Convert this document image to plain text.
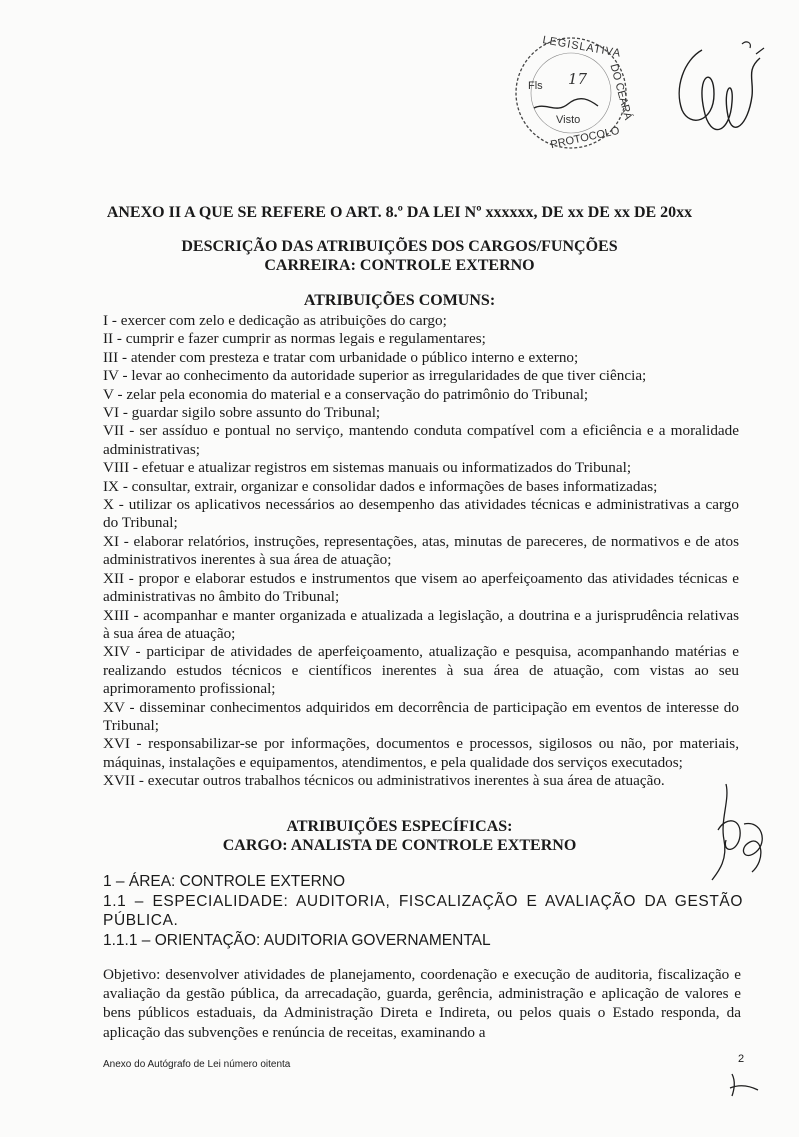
LEGISLATIVA
DO CEARÁ
PROTOCOLO
Fls 17
Visto
ANEXO II A QUE SE REFERE O ART. 8.º DA LEI Nº xxxxxx, DE xx DE xx DE 20xx
DESCRIÇÃO DAS ATRIBUIÇÕES DOS CARGOS/FUNÇÕES
CARREIRA: CONTROLE EXTERNO
ATRIBUIÇÕES COMUNS:

I - exercer com zelo e dedicação as atribuições do cargo;

II - cumprir e fazer cumprir as normas legais e regulamentares;

III - atender com presteza e tratar com urbanidade o público interno e externo;

IV - levar ao conhecimento da autoridade superior as irregularidades de que tiver ciência;

V - zelar pela economia do material e a conservação do patrimônio do Tribunal;

VI - guardar sigilo sobre assunto do Tribunal;

VII - ser assíduo e pontual no serviço, mantendo conduta compatível com a eficiência e a moralidade administrativas;

VIII - efetuar e atualizar registros em sistemas manuais ou informatizados do Tribunal;

IX - consultar, extrair, organizar e consolidar dados e informações de bases informatizadas;

X - utilizar os aplicativos necessários ao desempenho das atividades técnicas e administrativas a cargo do Tribunal;

XI - elaborar relatórios, instruções, representações, atas, minutas de pareceres, de normativos e de atos administrativos inerentes à sua área de atuação;

XII - propor e elaborar estudos e instrumentos que visem ao aperfeiçoamento das atividades técnicas e administrativas no âmbito do Tribunal;

XIII - acompanhar e manter organizada e atualizada a legislação, a doutrina e a jurisprudência relativas à sua área de atuação;

XIV - participar de atividades de aperfeiçoamento, atualização e pesquisa, acompanhando matérias e realizando estudos técnicos e científicos inerentes à sua área de atuação, com vistas ao seu aprimoramento profissional;

XV - disseminar conhecimentos adquiridos em decorrência de participação em eventos de interesse do Tribunal;

XVI - responsabilizar-se por informações, documentos e processos, sigilosos ou não, por materiais, máquinas, instalações e equipamentos, atendimentos, e pela qualidade dos serviços executados;

XVII - executar outros trabalhos técnicos ou administrativos inerentes à sua área de atuação.

ATRIBUIÇÕES ESPECÍFICAS:
CARGO: ANALISTA DE CONTROLE EXTERNO

1 – ÁREA: CONTROLE EXTERNO

1.1 – ESPECIALIDADE: AUDITORIA, FISCALIZAÇÃO E AVALIAÇÃO DA GESTÃO PÚBLICA.

1.1.1 – ORIENTAÇÃO: AUDITORIA GOVERNAMENTAL

Objetivo: desenvolver atividades de planejamento, coordenação e execução de auditoria, fiscalização e avaliação da gestão pública, da arrecadação, guarda, gerência, administração e aplicação de valores e bens públicos estaduais, da Administração Direta e Indireta, ou pelos quais o Estado responda, da aplicação das subvenções e renúncia de receitas, examinando a
Anexo do Autógrafo de Lei número oitenta	2
